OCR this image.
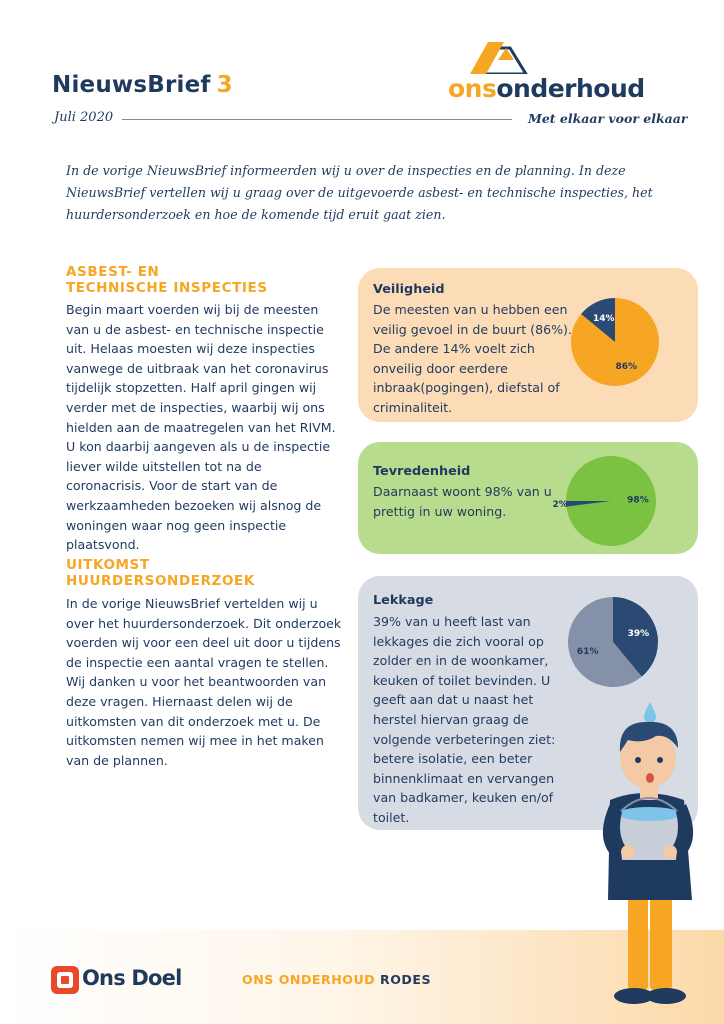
NieuwsBrief 3
Juli 2020
onsonderhoud
Met elkaar voor elkaar
In de vorige NieuwsBrief informeerden wij u over de inspecties en de planning. In deze NieuwsBrief vertellen wij u graag over de uitgevoerde asbest- en technische inspecties, het huurdersonderzoek en hoe de komende tijd eruit gaat zien.
ASBEST- EN
TECHNISCHE INSPECTIES
Begin maart voerden wij bij de meesten van u de asbest- en technische inspectie uit. Helaas moesten wij deze inspecties vanwege de uitbraak van het coronavirus tijdelijk stopzetten. Half april gingen wij verder met de inspecties, waarbij wij ons hielden aan de maatregelen van het RIVM. U kon daarbij aangeven als u de inspectie liever wilde uitstellen tot na de coronacrisis. Voor de start van de werkzaamheden bezoeken wij alsnog de woningen waar nog geen inspectie plaatsvond.
UITKOMST
HUURDERSONDERZOEK
In de vorige NieuwsBrief vertelden wij u over het huurdersonderzoek. Dit onderzoek voerden wij voor een deel uit door u tijdens de inspectie een aantal vragen te stellen. Wij danken u voor het beantwoorden van deze vragen. Hiernaast delen wij de uitkomsten van dit onderzoek met u. De uitkomsten nemen wij mee in het maken van de plannen.
Veiligheid
De meesten van u hebben een veilig gevoel in de buurt (86%). De andere 14% voelt zich onveilig door eerdere inbraak(pogingen), diefstal of criminaliteit.
86%
14%
Tevredenheid
Daarnaast woont 98% van u prettig in uw woning.
98%
2%
Lekkage
39% van u heeft last van lekkages die zich vooral op zolder en in de woonkamer, keuken of toilet bevinden. U geeft aan dat u naast het herstel hiervan graag de volgende verbeteringen ziet: betere isolatie, een beter binnenklimaat en vervangen van badkamer, keuken en/of toilet.
39%
61%
Ons Doel	ONS ONDERHOUD RODES
